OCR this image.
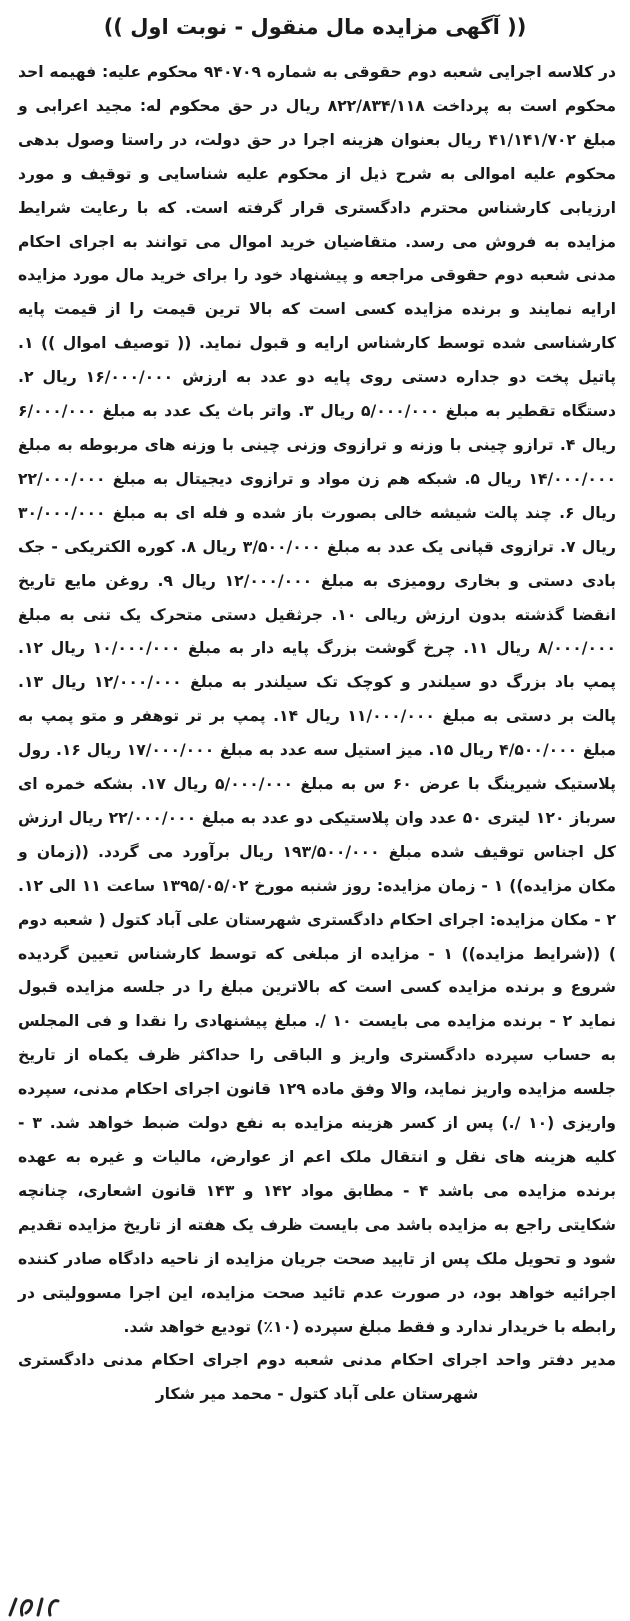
(( آگهی مزایده مال منقول - نوبت اول ))

در کلاسه اجرایی شعبه دوم حقوقی به شماره ۹۴۰۷۰۹ محکوم علیه: فهیمه احد محکوم است به پرداخت ۸۲۲/۸۳۴/۱۱۸ ریال در حق محکوم له: مجید اعرابی و مبلغ ۴۱/۱۴۱/۷۰۲ ریال بعنوان هزینه اجرا در حق دولت، در راستا وصول بدهی محکوم علیه اموالی به شرح ذیل از محکوم علیه شناسایی و توقیف و مورد ارزیابی کارشناس محترم دادگستری قرار گرفته است. که با رعایت شرایط مزایده به فروش می رسد. متقاضیان خرید اموال می توانند به اجرای احکام مدنی شعبه دوم حقوقی مراجعه و پیشنهاد خود را برای خرید مال مورد مزایده ارایه نمایند و برنده مزایده کسی است که بالا ترین قیمت را از قیمت پایه کارشناسی شده توسط کارشناس ارایه و قبول نماید. (( توصیف اموال )) ۱. پاتیل پخت دو جداره دستی روی پایه دو عدد به ارزش ۱۶/۰۰۰/۰۰۰ ریال ۲. دستگاه تقطیر به مبلغ ۵/۰۰۰/۰۰۰ ریال ۳. واتر باث یک عدد به مبلغ ۶/۰۰۰/۰۰۰ ریال ۴. ترازو چینی با وزنه و ترازوی وزنی چینی با وزنه های مربوطه به مبلغ ۱۴/۰۰۰/۰۰۰ ریال ۵. شبکه هم زن مواد و ترازوی دیجیتال به مبلغ ۲۲/۰۰۰/۰۰۰ ریال ۶. چند پالت شیشه خالی بصورت باز شده و فله ای به مبلغ ۳۰/۰۰۰/۰۰۰ ریال ۷. ترازوی قپانی یک عدد به مبلغ ۳/۵۰۰/۰۰۰ ریال ۸. کوره الکتریکی - جک بادی دستی و بخاری رومیزی به مبلغ ۱۲/۰۰۰/۰۰۰ ریال ۹. روغن مایع تاریخ انقضا گذشته بدون ارزش ریالی ۱۰. جرثقیل دستی متحرک یک تنی به مبلغ ۸/۰۰۰/۰۰۰ ریال ۱۱. چرخ گوشت بزرگ پایه دار به مبلغ ۱۰/۰۰۰/۰۰۰ ریال ۱۲. پمپ باد بزرگ دو سیلندر و کوچک تک سیلندر به مبلغ ۱۲/۰۰۰/۰۰۰ ریال ۱۳. پالت بر دستی به مبلغ ۱۱/۰۰۰/۰۰۰ ریال ۱۴. پمپ بر تر توهفر و متو پمپ به مبلغ ۴/۵۰۰/۰۰۰ ریال ۱۵. میز استیل سه عدد به مبلغ ۱۷/۰۰۰/۰۰۰ ریال ۱۶. رول پلاستیک شیرینگ با عرض ۶۰ س به مبلغ ۵/۰۰۰/۰۰۰ ریال ۱۷. بشکه خمره ای سرباز ۱۲۰ لیتری ۵۰ عدد وان پلاستیکی دو عدد به مبلغ ۲۲/۰۰۰/۰۰۰ ریال ارزش کل اجناس توقیف شده مبلغ ۱۹۳/۵۰۰/۰۰۰ ریال برآورد می گردد. ((زمان و مکان مزایده)) ۱ - زمان مزایده: روز شنبه مورخ ۱۳۹۵/۰۵/۰۲ ساعت ۱۱ الی ۱۲. ۲ - مکان مزایده: اجرای احکام دادگستری شهرستان علی آباد کتول ( شعبه دوم ) ((شرایط مزایده)) ۱ - مزایده از مبلغی که توسط کارشناس تعیین گردیده شروع و برنده مزایده کسی است که بالاترین مبلغ را در جلسه مزایده قبول نماید ۲ - برنده مزایده می بایست ۱۰ /. مبلغ پیشنهادی را نقدا و فی المجلس به حساب سپرده دادگستری واریز و الباقی را حداکثر ظرف یکماه از تاریخ جلسه مزایده واریز نماید، والا وفق ماده ۱۲۹ قانون اجرای احکام مدنی، سپرده واریزی (۱۰ /.) پس از کسر هزینه مزایده به نفع دولت ضبط خواهد شد. ۳ - کلیه هزینه های نقل و انتقال ملک اعم از عوارض، مالیات و غیره به عهده برنده مزایده می باشد ۴ - مطابق مواد ۱۴۲ و ۱۴۳ قانون اشعاری، چنانچه شکایتی راجع به مزایده باشد می بایست ظرف یک هفته از تاریخ مزایده تقدیم شود و تحویل ملک پس از تایید صحت جریان مزایده از ناحیه دادگاه صادر کننده اجرائیه خواهد بود، در صورت عدم تائید صحت مزایده، این اجرا مسوولیتی در رابطه با خریدار ندارد و فقط مبلغ سپرده (۱۰٪) تودیع خواهد شد.

مدیر دفتر واحد اجرای احکام مدنی شعبه دوم اجرای احکام مدنی دادگستری شهرستان علی آباد کتول - محمد میر شکار
